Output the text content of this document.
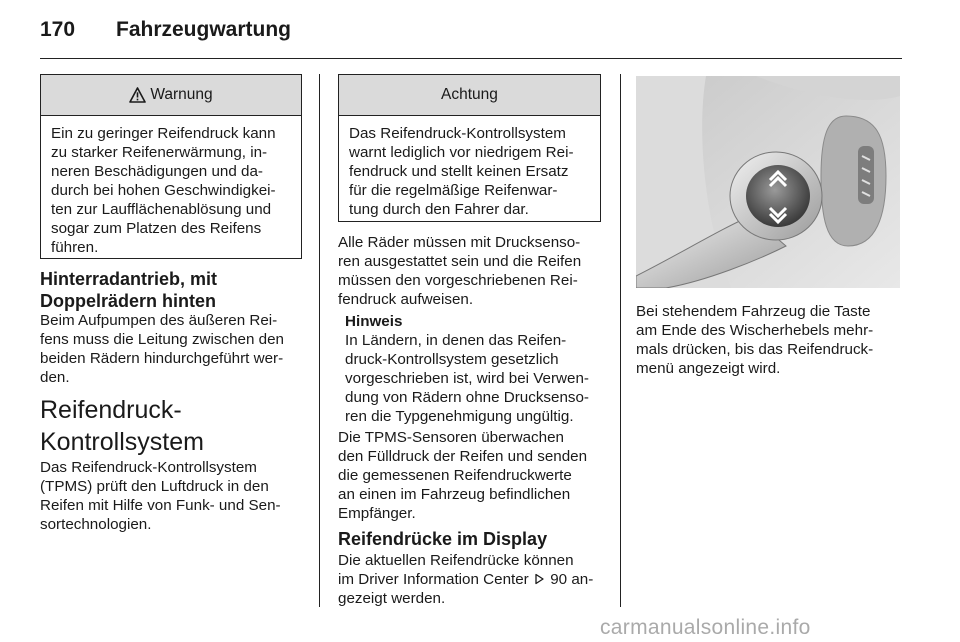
170 Fahrzeugwartung
Warnung

Ein zu geringer Reifendruck kann

zu starker Reifenerwärmung, in-

neren Beschädigungen und da-

durch bei hohen Geschwindigkei-

ten zur Laufflächenablösung und

sogar zum Platzen des Reifens

führen.

Hinterradantrieb, mit
Doppelrädern hinten

Beim Aufpumpen des äußeren Rei-

fens muss die Leitung zwischen den

beiden Rädern hindurchgeführt wer-

den.

Reifendruck-
Kontrollsystem

Das Reifendruck-Kontrollsystem

(TPMS) prüft den Luftdruck in den

Reifen mit Hilfe von Funk- und Sen-

sortechnologien.

Achtung

Das Reifendruck-Kontrollsystem

warnt lediglich vor niedrigem Rei-

fendruck und stellt keinen Ersatz

für die regelmäßige Reifenwar-

tung durch den Fahrer dar.

Alle Räder müssen mit Drucksenso-

ren ausgestattet sein und die Reifen

müssen den vorgeschriebenen Rei-

fendruck aufweisen.

Hinweis

In Ländern, in denen das Reifen-

druck-Kontrollsystem gesetzlich

vorgeschrieben ist, wird bei Verwen-

dung von Rädern ohne Drucksenso-

ren die Typgenehmigung ungültig.

Die TPMS-Sensoren überwachen

den Fülldruck der Reifen und senden

die gemessenen Reifendruckwerte

an einen im Fahrzeug befindlichen

Empfänger.

Reifendrücke im Display

Die aktuellen Reifendrücke können

im Driver Information Center 90 an-

gezeigt werden.

Bei stehendem Fahrzeug die Taste

am Ende des Wischerhebels mehr-

mals drücken, bis das Reifendruck-

menü angezeigt wird.

carmanualsonline.info
